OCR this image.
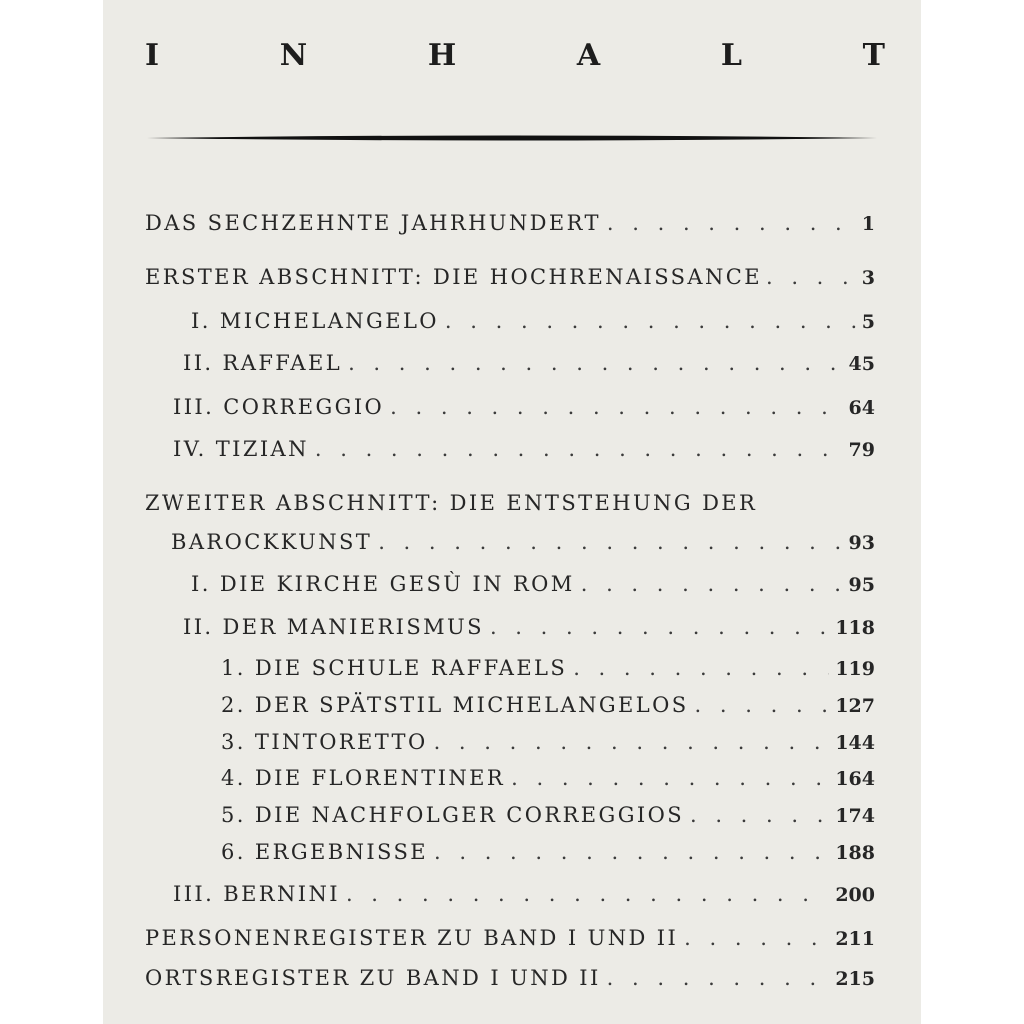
I	N	H	A	L	T
DAS SECHZEHNTE JAHRHUNDERT . . .	1
ERSTER ABSCHNITT: DIE HOCHRENAISSANCE . . .	3
I. MICHELANGELO . . .	5
II. RAFFAEL . . .	45
III. CORREGGIO . . .	64
IV. TIZIAN . . .	79
ZWEITER ABSCHNITT: DIE ENTSTEHUNG DER
BAROCKKUNST . . .	93
I. DIE KIRCHE GESÙ IN ROM . . .	95
II. DER MANIERISMUS . . .	118
1. DIE SCHULE RAFFAELS . . .	119
2. DER SPÄTSTIL MICHELANGELOS . . .	127
3. TINTORETTO . . .	144
4. DIE FLORENTINER . . .	164
5. DIE NACHFOLGER CORREGGIOS . . .	174
6. ERGEBNISSE . . .	188
III. BERNINI . . .	200
PERSONENREGISTER ZU BAND I UND II . . .	211
ORTSREGISTER ZU BAND I UND II . . .	215
